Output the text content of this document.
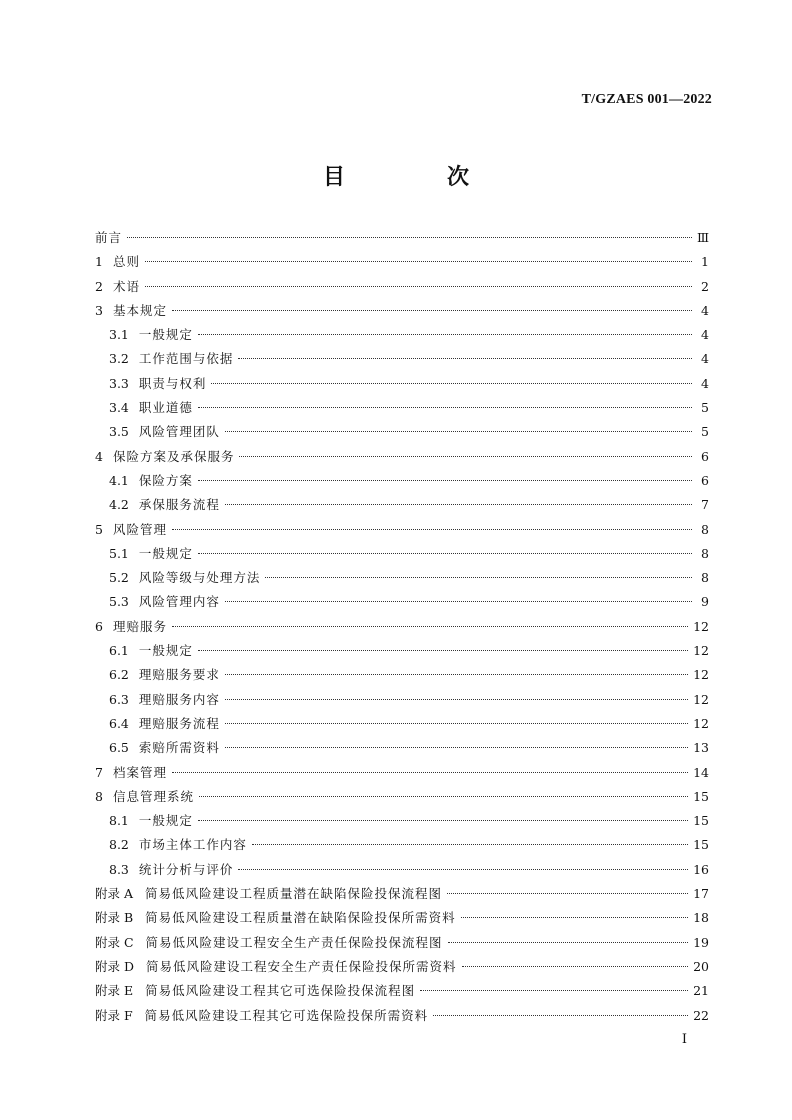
T/GZAES 001—2022
目　次
前言	Ⅲ
1 总则	1
2 术语	2
3 基本规定	4
3.1 一般规定	4
3.2 工作范围与依据	4
3.3 职责与权利	4
3.4 职业道德	5
3.5 风险管理团队	5
4 保险方案及承保服务	6
4.1 保险方案	6
4.2 承保服务流程	7
5 风险管理	8
5.1 一般规定	8
5.2 风险等级与处理方法	8
5.3 风险管理内容	9
6 理赔服务	12
6.1 一般规定	12
6.2 理赔服务要求	12
6.3 理赔服务内容	12
6.4 理赔服务流程	12
6.5 索赔所需资料	13
7 档案管理	14
8 信息管理系统	15
8.1 一般规定	15
8.2 市场主体工作内容	15
8.3 统计分析与评价	16
附录 A 简易低风险建设工程质量潜在缺陷保险投保流程图	17
附录 B 简易低风险建设工程质量潜在缺陷保险投保所需资料	18
附录 C 简易低风险建设工程安全生产责任保险投保流程图	19
附录 D 简易低风险建设工程安全生产责任保险投保所需资料	20
附录 E 简易低风险建设工程其它可选保险投保流程图	21
附录 F 简易低风险建设工程其它可选保险投保所需资料	22
I
